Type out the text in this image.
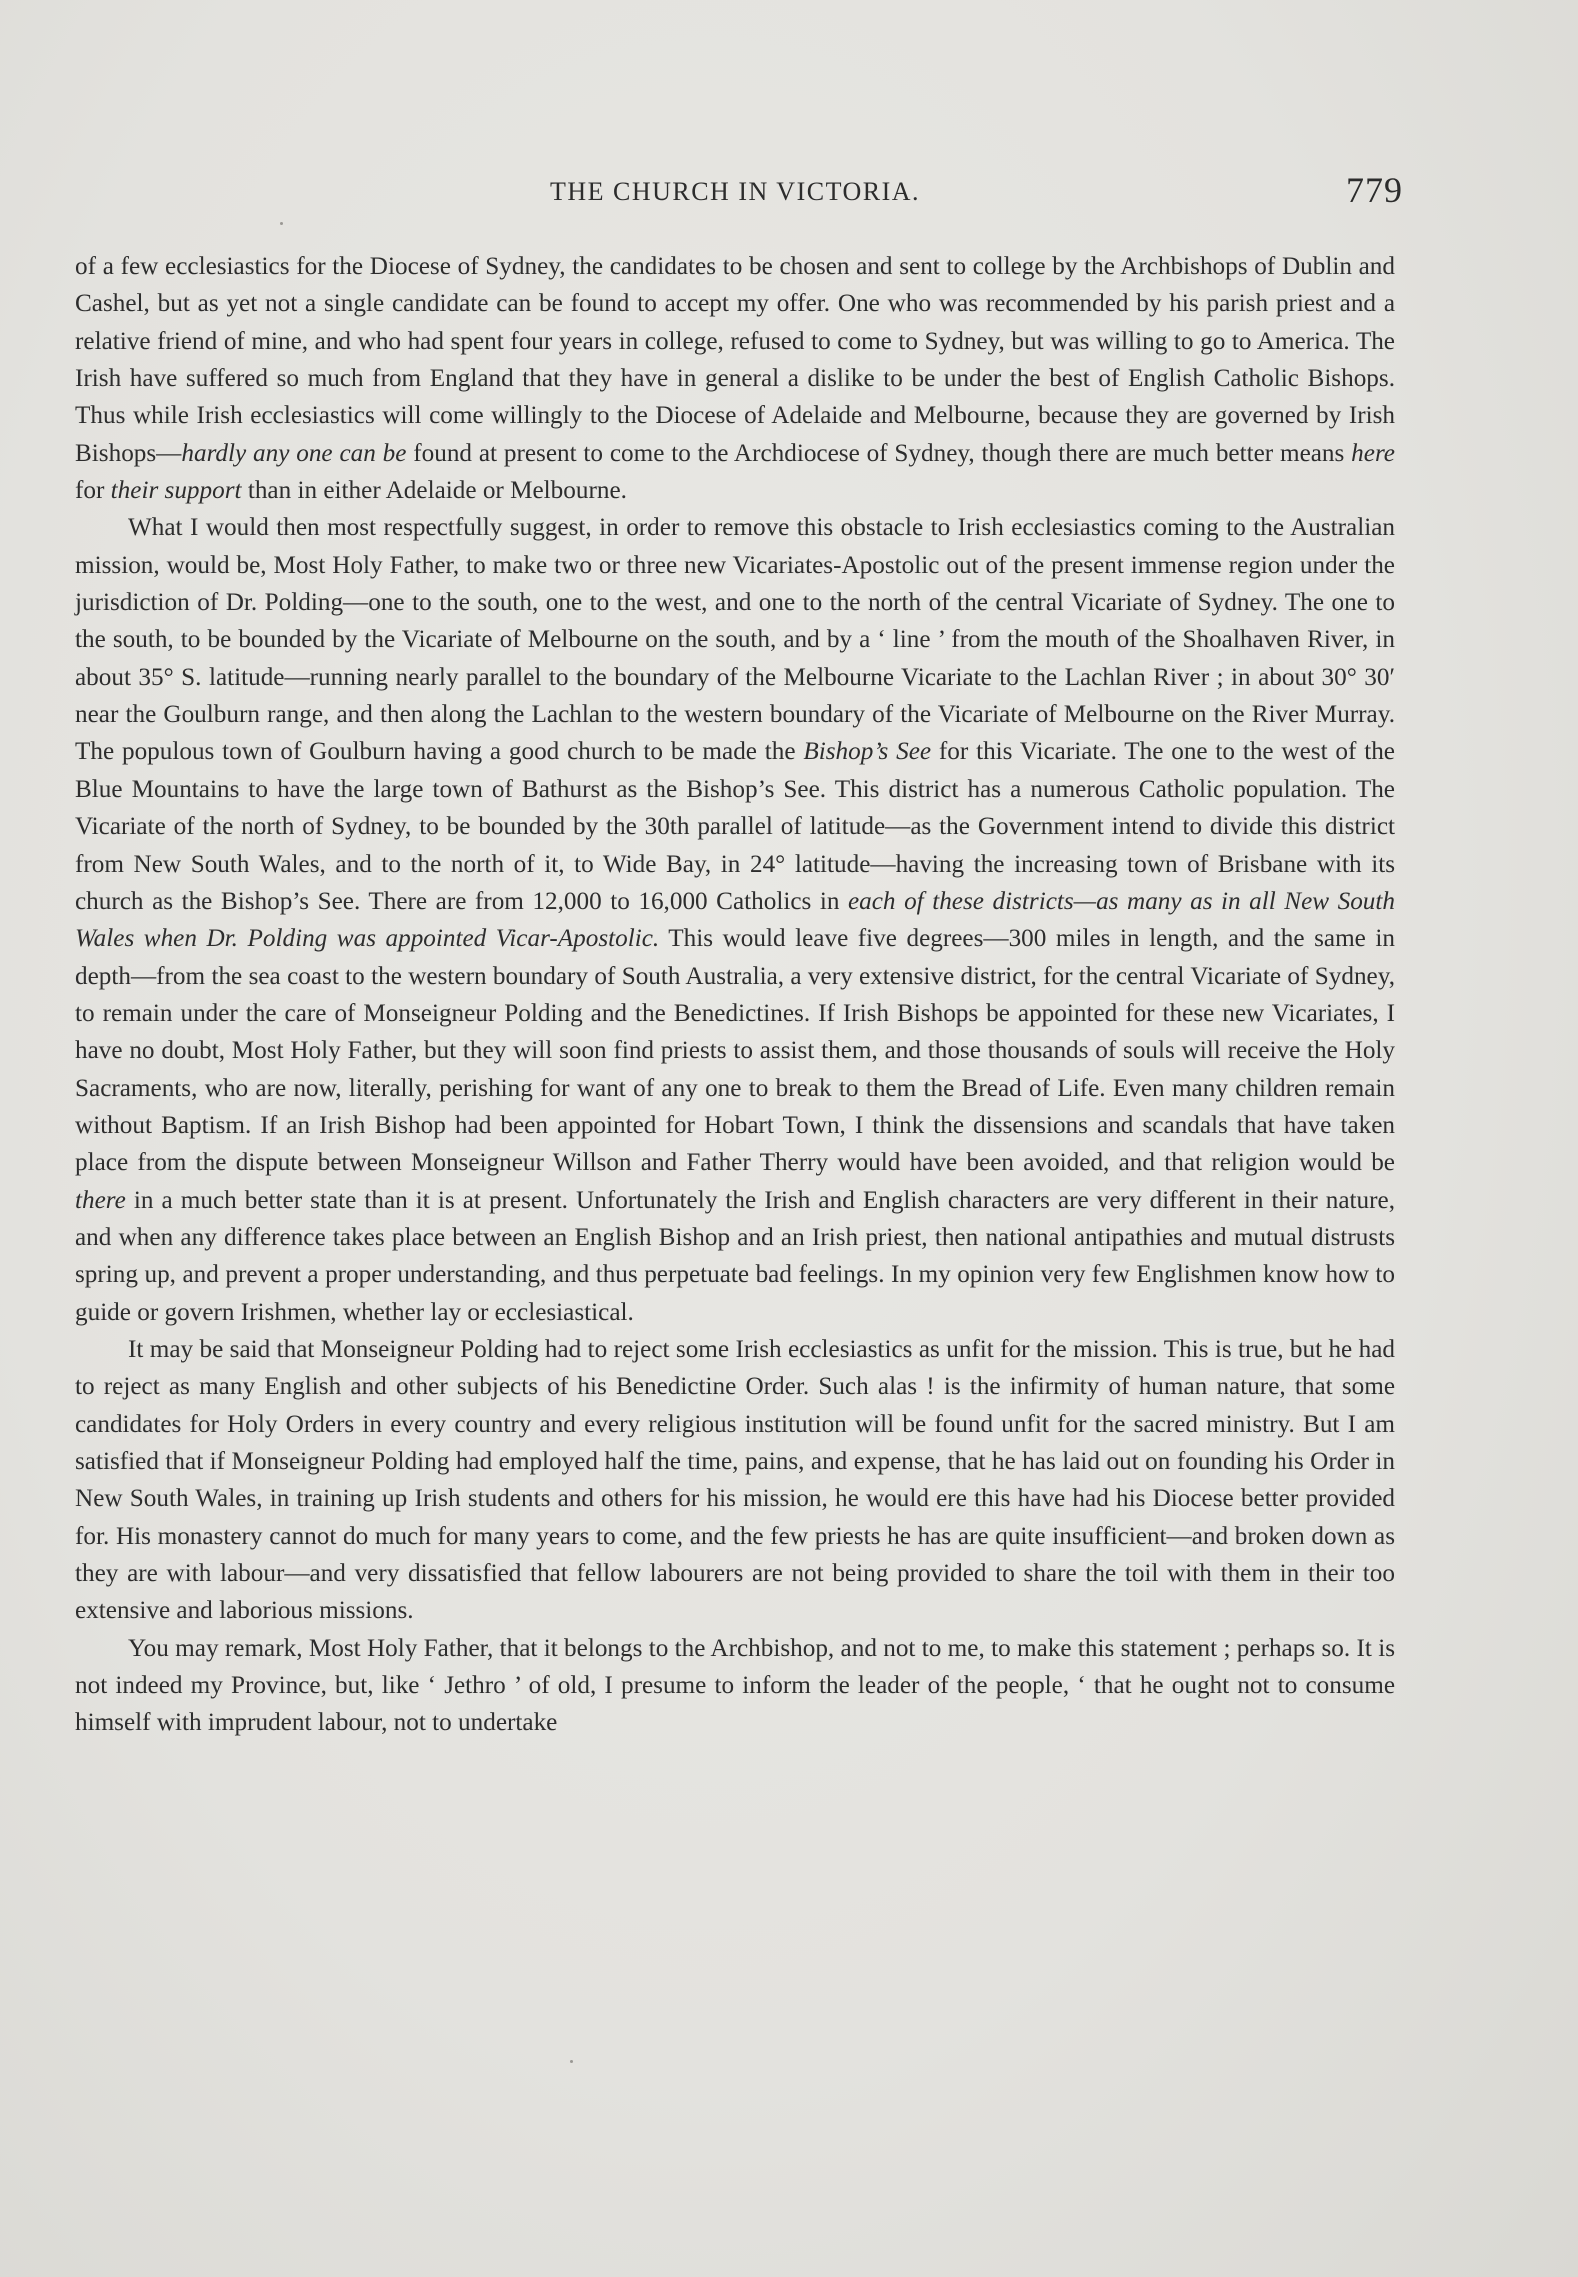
THE CHURCH IN VICTORIA.	779

of a few ecclesiastics for the Diocese of Sydney, the candidates to be chosen and sent to college by the Archbishops of Dublin and Cashel, but as yet not a single candidate can be found to accept my offer. One who was recommended by his parish priest and a relative friend of mine, and who had spent four years in college, refused to come to Sydney, but was willing to go to America. The Irish have suffered so much from England that they have in general a dislike to be under the best of English Catholic Bishops. Thus while Irish ecclesiastics will come willingly to the Diocese of Adelaide and Melbourne, because they are governed by Irish Bishops—hardly any one can be found at present to come to the Archdiocese of Sydney, though there are much better means here for their support than in either Adelaide or Melbourne.

What I would then most respectfully suggest, in order to remove this obstacle to Irish ecclesiastics coming to the Australian mission, would be, Most Holy Father, to make two or three new Vicariates-Apostolic out of the present immense region under the jurisdiction of Dr. Polding—one to the south, one to the west, and one to the north of the central Vicariate of Sydney. The one to the south, to be bounded by the Vicariate of Melbourne on the south, and by a ‘ line ’ from the mouth of the Shoalhaven River, in about 35° S. latitude—running nearly parallel to the boundary of the Melbourne Vicariate to the Lachlan River ; in about 30° 30′ near the Goulburn range, and then along the Lachlan to the western boundary of the Vicariate of Melbourne on the River Murray. The populous town of Goulburn having a good church to be made the Bishop’s See for this Vicariate. The one to the west of the Blue Mountains to have the large town of Bathurst as the Bishop’s See. This district has a numerous Catholic population. The Vicariate of the north of Sydney, to be bounded by the 30th parallel of latitude—as the Government intend to divide this district from New South Wales, and to the north of it, to Wide Bay, in 24° latitude—having the increasing town of Brisbane with its church as the Bishop’s See. There are from 12,000 to 16,000 Catholics in each of these districts—as many as in all New South Wales when Dr. Polding was appointed Vicar-Apostolic. This would leave five degrees—300 miles in length, and the same in depth—from the sea coast to the western boundary of South Australia, a very extensive district, for the central Vicariate of Sydney, to remain under the care of Monseigneur Polding and the Benedictines. If Irish Bishops be appointed for these new Vicariates, I have no doubt, Most Holy Father, but they will soon find priests to assist them, and those thousands of souls will receive the Holy Sacraments, who are now, literally, perishing for want of any one to break to them the Bread of Life. Even many children remain without Baptism. If an Irish Bishop had been appointed for Hobart Town, I think the dissensions and scandals that have taken place from the dispute between Monseigneur Willson and Father Therry would have been avoided, and that religion would be there in a much better state than it is at present. Unfortunately the Irish and English characters are very different in their nature, and when any difference takes place between an English Bishop and an Irish priest, then national antipathies and mutual distrusts spring up, and prevent a proper understanding, and thus perpetuate bad feelings. In my opinion very few Englishmen know how to guide or govern Irishmen, whether lay or ecclesiastical.

It may be said that Monseigneur Polding had to reject some Irish ecclesiastics as unfit for the mission. This is true, but he had to reject as many English and other subjects of his Benedictine Order. Such alas ! is the infirmity of human nature, that some candidates for Holy Orders in every country and every religious institution will be found unfit for the sacred ministry. But I am satisfied that if Monseigneur Polding had employed half the time, pains, and expense, that he has laid out on founding his Order in New South Wales, in training up Irish students and others for his mission, he would ere this have had his Diocese better provided for. His monastery cannot do much for many years to come, and the few priests he has are quite insufficient—and broken down as they are with labour—and very dissatisfied that fellow labourers are not being provided to share the toil with them in their too extensive and laborious missions.

You may remark, Most Holy Father, that it belongs to the Archbishop, and not to me, to make this statement ; perhaps so. It is not indeed my Province, but, like ‘ Jethro ’ of old, I presume to inform the leader of the people, ‘ that he ought not to consume himself with imprudent labour, not to undertake
